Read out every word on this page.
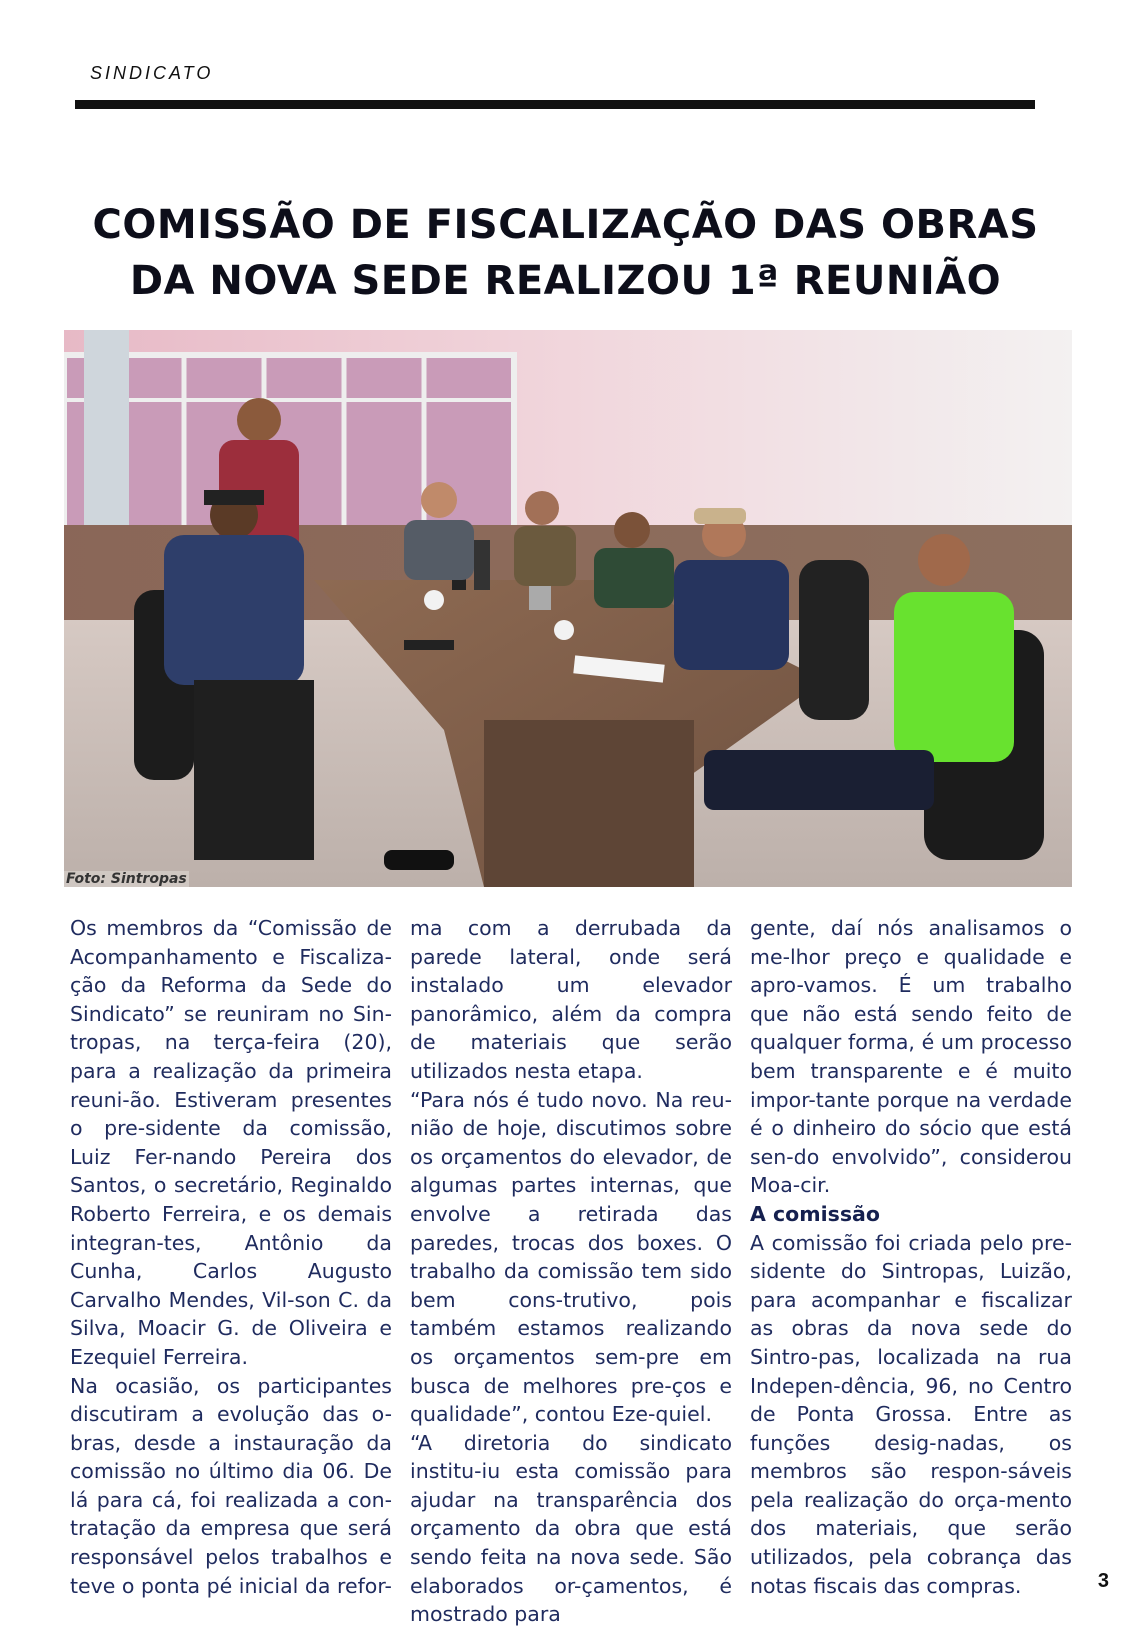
SINDICATO
COMISSÃO DE FISCALIZAÇÃO DAS OBRAS
DA NOVA SEDE REALIZOU 1ª REUNIÃO
Foto: Sintropas

Os membros da “Comissão de Acompanhamento e Fiscaliza-ção da Reforma da Sede do Sindicato” se reuniram no Sin-tropas, na terça-feira (20), para a realização da primeira reuni-ão. Estiveram presentes o pre-sidente da comissão, Luiz Fer-nando Pereira dos Santos, o secretário, Reginaldo Roberto Ferreira, e os demais integran-tes, Antônio da Cunha, Carlos Augusto Carvalho Mendes, Vil-son C. da Silva, Moacir G. de Oliveira e Ezequiel Ferreira.

Na ocasião, os participantes discutiram a evolução das o-bras, desde a instauração da comissão no último dia 06. De lá para cá, foi realizada a con-tratação da empresa que será responsável pelos trabalhos e teve o ponta pé inicial da refor-

ma com a derrubada da parede lateral, onde será instalado um elevador panorâmico, além da compra de materiais que serão utilizados nesta etapa.

“Para nós é tudo novo. Na reu-nião de hoje, discutimos sobre os orçamentos do elevador, de algumas partes internas, que envolve a retirada das paredes, trocas dos boxes. O trabalho da comissão tem sido bem cons-trutivo, pois também estamos realizando os orçamentos sem-pre em busca de melhores pre-ços e qualidade”, contou Eze-quiel.

“A diretoria do sindicato institu-iu esta comissão para ajudar na transparência dos orçamento da obra que está sendo feita na nova sede. São elaborados or-çamentos, é mostrado para

gente, daí nós analisamos o me-lhor preço e qualidade e apro-vamos. É um trabalho que não está sendo feito de qualquer forma, é um processo bem transparente e é muito impor-tante porque na verdade é o dinheiro do sócio que está sen-do envolvido”, considerou Moa-cir.

A comissão

A comissão foi criada pelo pre-sidente do Sintropas, Luizão, para acompanhar e fiscalizar as obras da nova sede do Sintro-pas, localizada na rua Indepen-dência, 96, no Centro de Ponta Grossa. Entre as funções desig-nadas, os membros são respon-sáveis pela realização do orça-mento dos materiais, que serão utilizados, pela cobrança das notas fiscais das compras.	3
